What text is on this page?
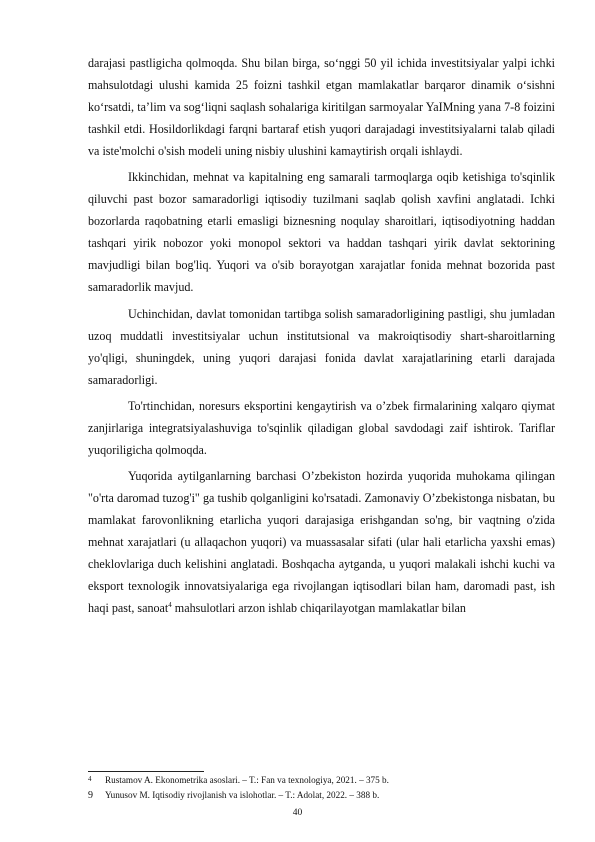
darajasi pastligicha qolmoqda. Shu bilan birga, so‘nggi 50 yil ichida investitsiyalar yalpi ichki mahsulotdagi ulushi kamida 25 foizni tashkil etgan mamlakatlar barqaror dinamik o‘sishni ko‘rsatdi, ta’lim va sog‘liqni saqlash sohalariga kiritilgan sarmoyalar YaIMning yana 7-8 foizini tashkil etdi. Hosildorlikdagi farqni bartaraf etish yuqori darajadagi investitsiyalarni talab qiladi va iste'molchi o'sish modeli uning nisbiy ulushini kamaytirish orqali ishlaydi.

Ikkinchidan, mehnat va kapitalning eng samarali tarmoqlarga oqib ketishiga to'sqinlik qiluvchi past bozor samaradorligi iqtisodiy tuzilmani saqlab qolish xavfini anglatadi. Ichki bozorlarda raqobatning etarli emasligi biznesning noqulay sharoitlari, iqtisodiyotning haddan tashqari yirik nobozor yoki monopol sektori va haddan tashqari yirik davlat sektorining mavjudligi bilan bog'liq. Yuqori va o'sib borayotgan xarajatlar fonida mehnat bozorida past samaradorlik mavjud.

Uchinchidan, davlat tomonidan tartibga solish samaradorligining pastligi, shu jumladan uzoq muddatli investitsiyalar uchun institutsional va makroiqtisodiy shart-sharoitlarning yo'qligi, shuningdek, uning yuqori darajasi fonida davlat xarajatlarining etarli darajada samaradorligi.

To'rtinchidan, noresurs eksportini kengaytirish va o’zbek firmalarining xalqaro qiymat zanjirlariga integratsiyalashuviga to'sqinlik qiladigan global savdodagi zaif ishtirok. Tariflar yuqoriligicha qolmoqda.

Yuqorida aytilganlarning barchasi O’zbekiston hozirda yuqorida muhokama qilingan "o'rta daromad tuzog'i" ga tushib qolganligini ko'rsatadi. Zamonaviy O’zbekistonga nisbatan, bu mamlakat farovonlikning etarlicha yuqori darajasiga erishgandan so'ng, bir vaqtning o'zida mehnat xarajatlari (u allaqachon yuqori) va muassasalar sifati (ular hali etarlicha yaxshi emas) cheklovlariga duch kelishini anglatadi. Boshqacha aytganda, u yuqori malakali ishchi kuchi va eksport texnologik innovatsiyalariga ega rivojlangan iqtisodlari bilan ham, daromadi past, ish haqi past, sanoat$^4$ mahsulotlari arzon ishlab chiqarilayotgan mamlakatlar bilan

4 Rustamov A. Ekonometrika asoslari. – T.: Fan va texnologiya, 2021. – 375 b.
9 Yunusov M. Iqtisodiy rivojlanish va islohotlar. – T.: Adolat, 2022. – 388 b.
40
